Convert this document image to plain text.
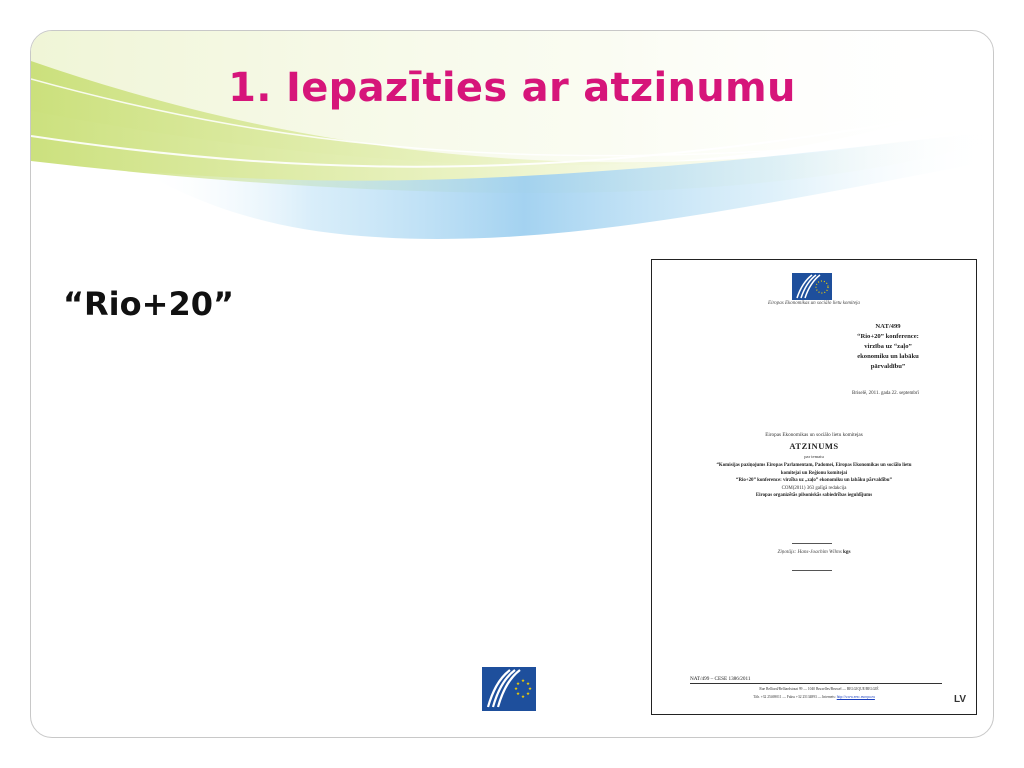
1. Iepazīties ar atzinumu
“Rio+20”
★
★
★
★
★
★
★
★
Eiropas Ekonomikas un sociālo lietu komiteja
NAT/499
“Rio+20” konference:
virzība uz “zaļo”
ekonomiku un labāku
pārvaldību”
Briselē, 2011. gada 22. septembrī
Eiropas Ekonomikas un sociālo lietu komitejas
ATZINUMS
par tematu
“Komisijas paziņojums Eiropas Parlamentam, Padomei, Eiropas Ekonomikas un sociālo lietu
komitejai un Reģionu komitejai
“Rio+20” konference: virzība uz „zaļo” ekonomiku un labāku pārvaldību”
COM(2011) 363 galīgā redakcija
Eiropas organizētās pilsoniskās sabiedrības ieguldījums
Ziņotājs: Hans-Joachim Wilms kgs
NAT/499 – CESE 1386/2011
Rue Belliard/Belliardstraat 99 — 1040 Bruxelles/Brussel — BELGIQUE/BELGIË
Tālr. +32 25469011 — Fakss +32 25134893 — Internets: http://www.eesc.europa.eu	LV
